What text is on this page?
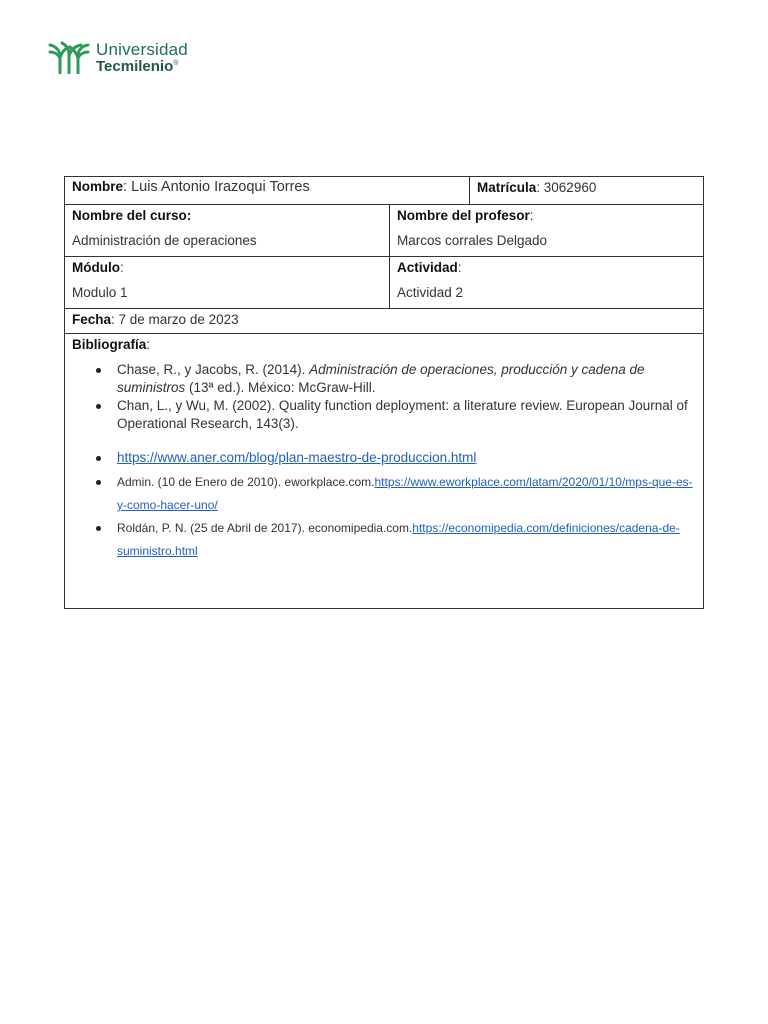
Universidad
Tecmilenio®
Nombre: Luis Antonio Irazoqui Torres	Matrícula: 3062960
Nombre del curso:
Administración de operaciones
Nombre del profesor:
Marcos corrales Delgado
Módulo:
Modulo 1
Actividad:
Actividad 2
Fecha: 7 de marzo de 2023
Bibliografía:
Chase, R., y Jacobs, R. (2014). Administración de operaciones, producción y cadena de suministros (13ª ed.). México: McGraw-Hill.
Chan, L., y Wu, M. (2002). Quality function deployment: a literature review. European Journal of Operational Research, 143(3).
https://www.aner.com/blog/plan-maestro-de-produccion.html
Admin. (10 de Enero de 2010). eworkplace.com.https://www.eworkplace.com/latam/2020/01/10/mps-que-es-y-como-hacer-uno/
Roldán, P. N. (25 de Abril de 2017). economipedia.com.https://economipedia.com/definiciones/cadena-de-suministro.html
